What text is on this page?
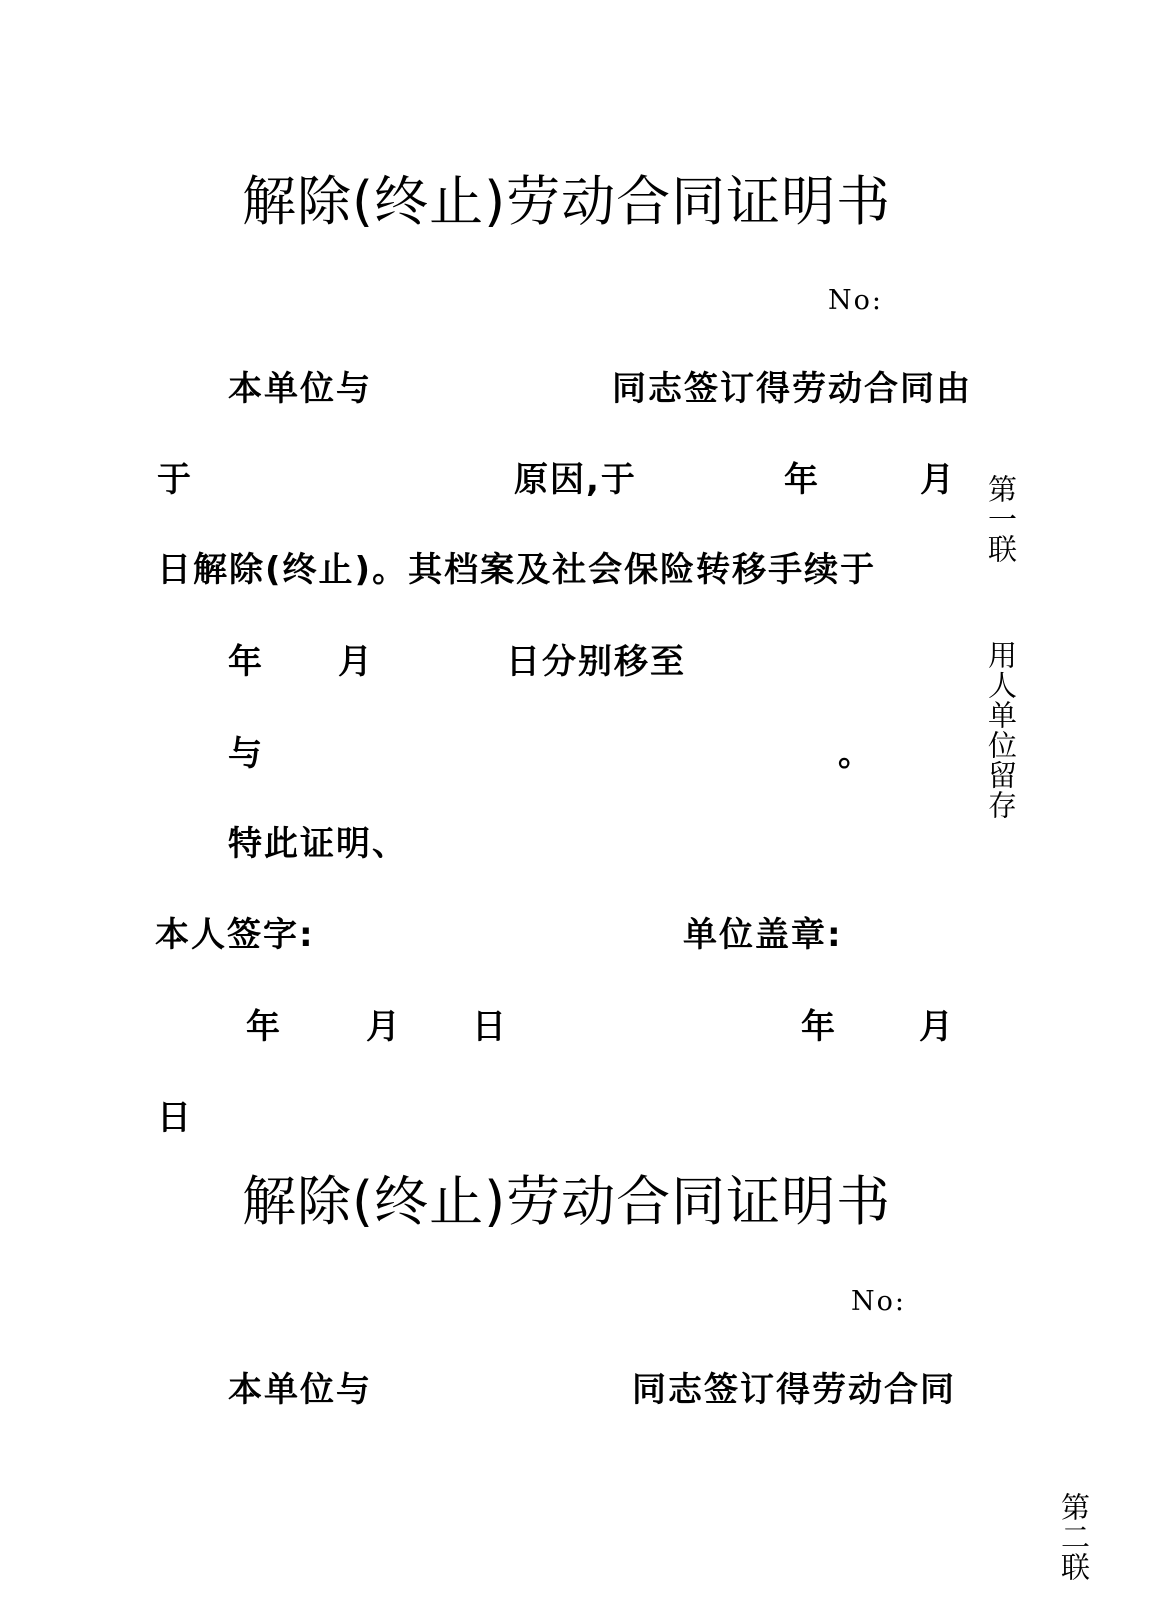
解除(终止)劳动合同证明书
No:
本单位与	同志签订得劳动合同由
于	原因,于	年	月
日解除(终止)。其档案及社会保险转移手续于
年 月	日分别移至
与	。
特此证明、
本人签字:	单位盖章:
年 月 日	年 月
日
第一联
用人单位留存
解除(终止)劳动合同证明书
No:
本单位与	同志签订得劳动合同
第二联
